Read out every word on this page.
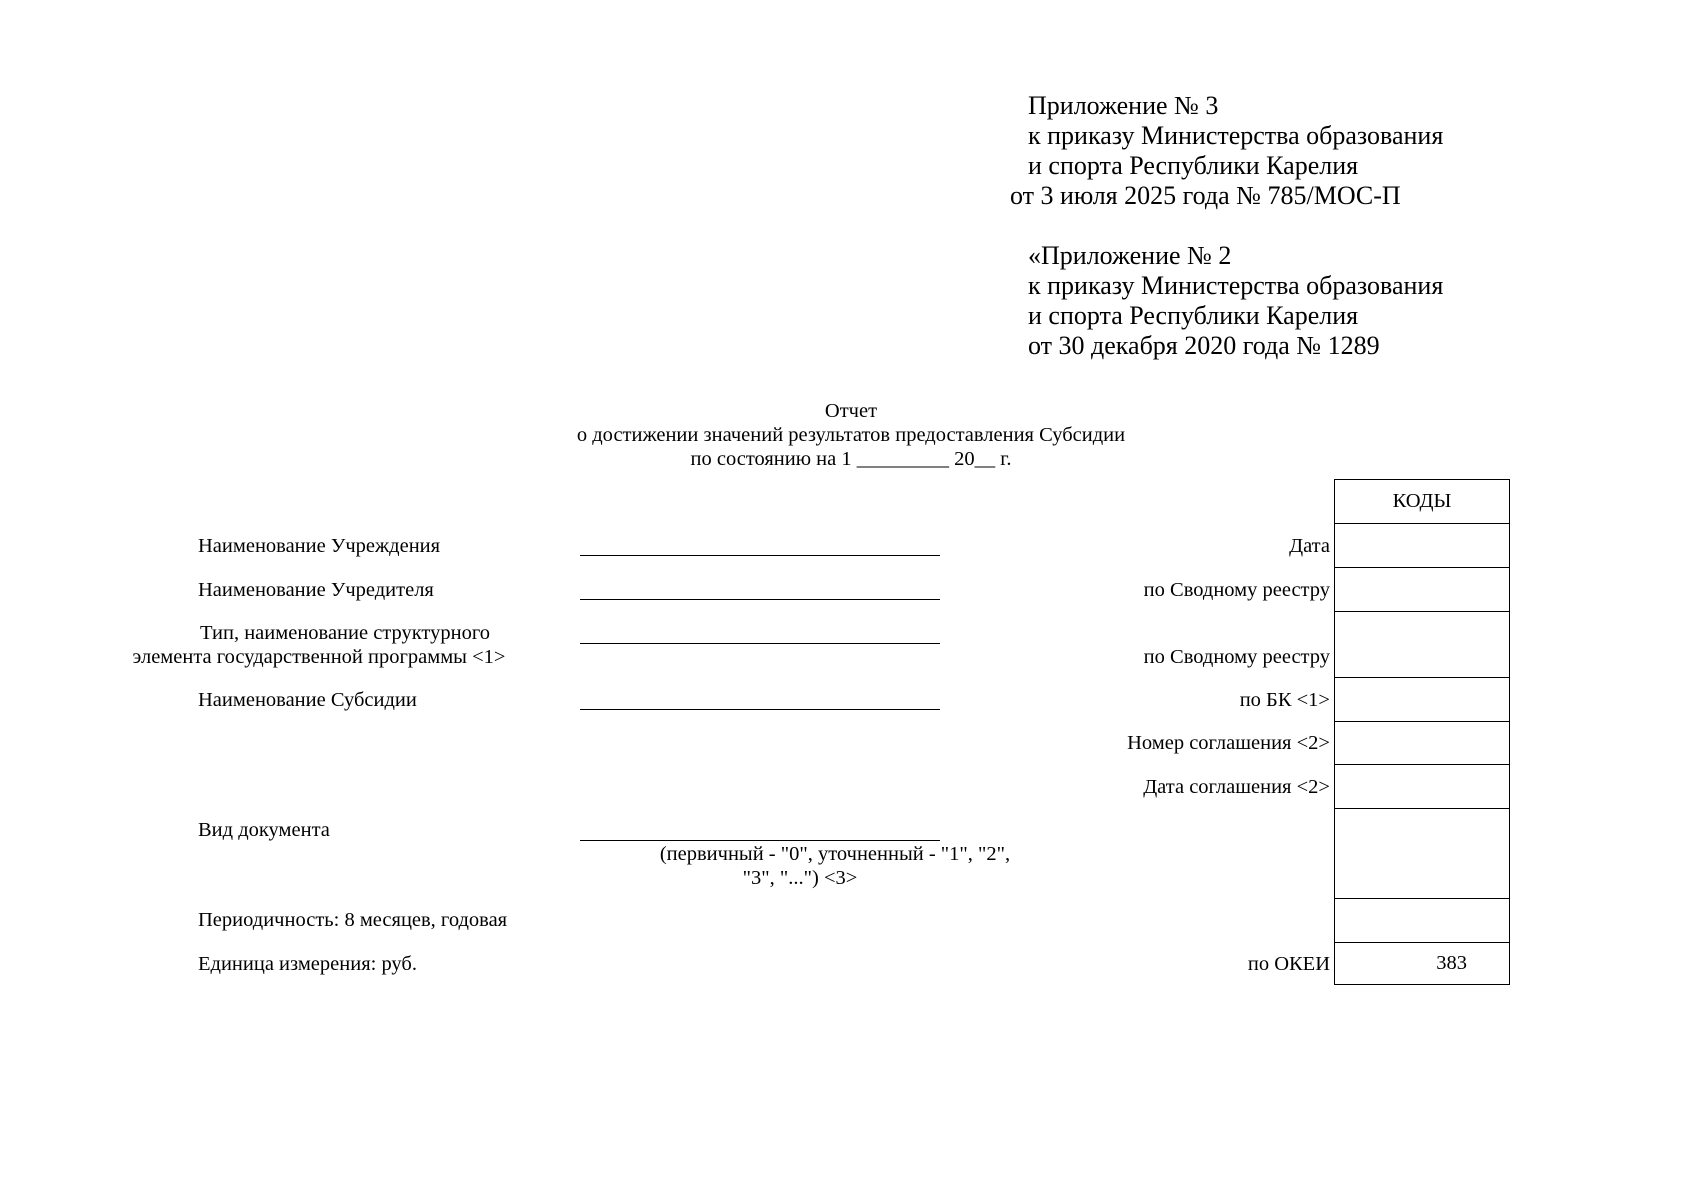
Приложение № 3
к приказу Министерства образования
и спорта Республики Карелия
от 3 июля 2025 года № 785/МОС-П
«Приложение № 2
к приказу Министерства образования
и спорта Республики Карелия
от 30 декабря 2020 года № 1289
Отчет
о достижении значений результатов предоставления Субсидии
по состоянию на 1 _________ 20__ г.
Наименование Учреждения
Наименование Учредителя
Тип, наименование структурного
элемента государственной программы <1>
Наименование Субсидии
Вид документа
(первичный - "0", уточненный - "1", "2",
"3", "...") <3>
Периодичность: 8 месяцев, годовая
Единица измерения: руб.
Дата
по Сводному реестру
по Сводному реестру
по БК <1>
Номер соглашения <2>
Дата соглашения <2>
по ОКЕИ
КОДЫ
383
